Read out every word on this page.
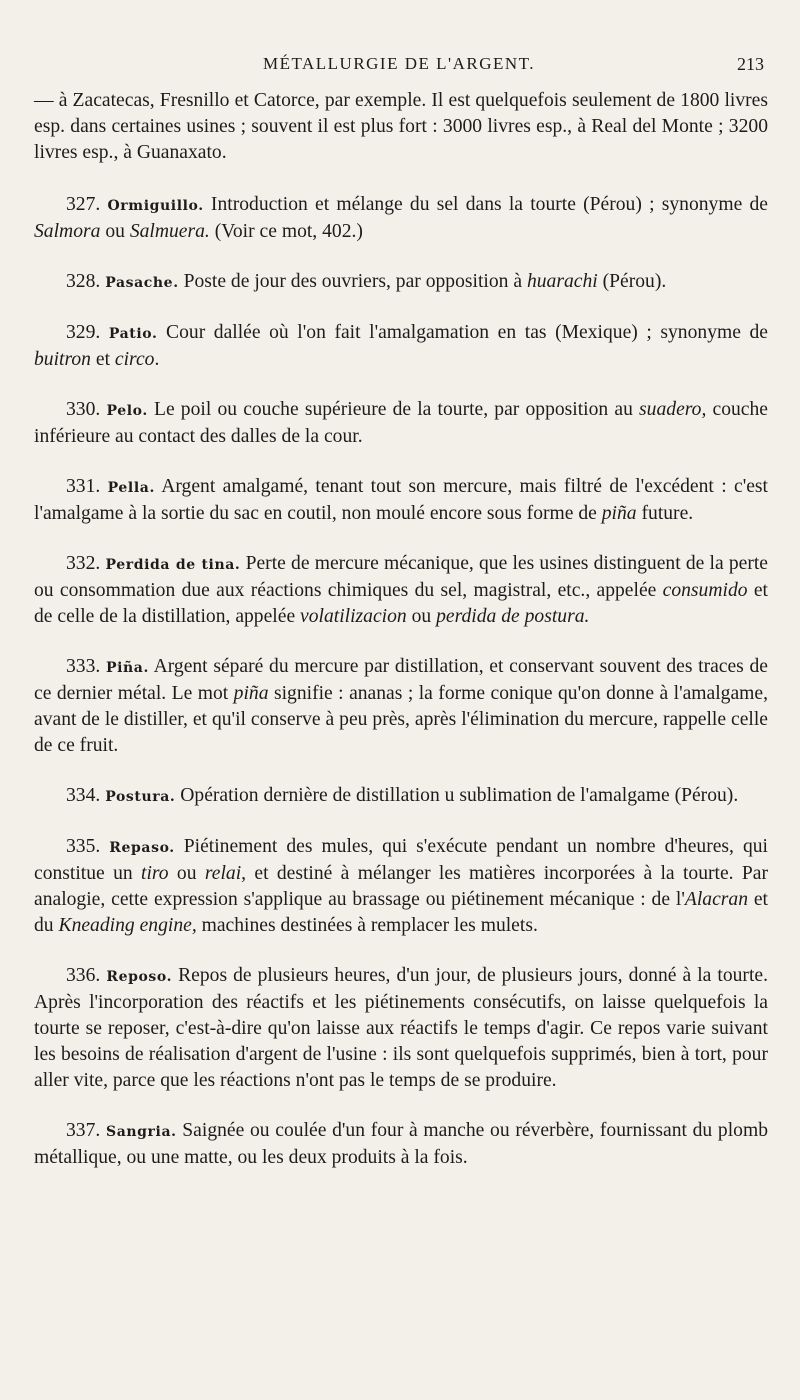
MÉTALLURGIE DE L'ARGENT.	213

— à Zacatecas, Fresnillo et Catorce, par exemple. Il est quelquefois seulement de 1800 livres esp. dans certaines usines ; souvent il est plus fort : 3000 livres esp., à Real del Monte ; 3200 livres esp., à Guanaxato.

327. Ormiguillo. Introduction et mélange du sel dans la tourte (Pérou) ; synonyme de Salmora ou Salmuera. (Voir ce mot, 402.)

328. Pasache. Poste de jour des ouvriers, par opposition à huarachi (Pérou).

329. Patio. Cour dallée où l'on fait l'amalgamation en tas (Mexique) ; synonyme de buitron et circo.

330. Pelo. Le poil ou couche supérieure de la tourte, par opposition au suadero, couche inférieure au contact des dalles de la cour.

331. Pella. Argent amalgamé, tenant tout son mercure, mais filtré de l'excédent : c'est l'amalgame à la sortie du sac en coutil, non moulé encore sous forme de piña future.

332. Perdida de tina. Perte de mercure mécanique, que les usines distinguent de la perte ou consommation due aux réactions chimiques du sel, magistral, etc., appelée consumido et de celle de la distillation, appelée volatilizacion ou perdida de postura.

333. Piña. Argent séparé du mercure par distillation, et conservant souvent des traces de ce dernier métal. Le mot piña signifie : ananas ; la forme conique qu'on donne à l'amalgame, avant de le distiller, et qu'il conserve à peu près, après l'élimination du mercure, rappelle celle de ce fruit.

334. Postura. Opération dernière de distillation u sublimation de l'amalgame (Pérou).

335. Repaso. Piétinement des mules, qui s'exécute pendant un nombre d'heures, qui constitue un tiro ou relai, et destiné à mélanger les matières incorporées à la tourte. Par analogie, cette expression s'applique au brassage ou piétinement mécanique : de l'Alacran et du Kneading engine, machines destinées à remplacer les mulets.

336. Reposo. Repos de plusieurs heures, d'un jour, de plusieurs jours, donné à la tourte. Après l'incorporation des réactifs et les piétinements consécutifs, on laisse quelquefois la tourte se reposer, c'est-à-dire qu'on laisse aux réactifs le temps d'agir. Ce repos varie suivant les besoins de réalisation d'argent de l'usine : ils sont quelquefois supprimés, bien à tort, pour aller vite, parce que les réactions n'ont pas le temps de se produire.

337. Sangria. Saignée ou coulée d'un four à manche ou réverbère, fournissant du plomb métallique, ou une matte, ou les deux produits à la fois.
